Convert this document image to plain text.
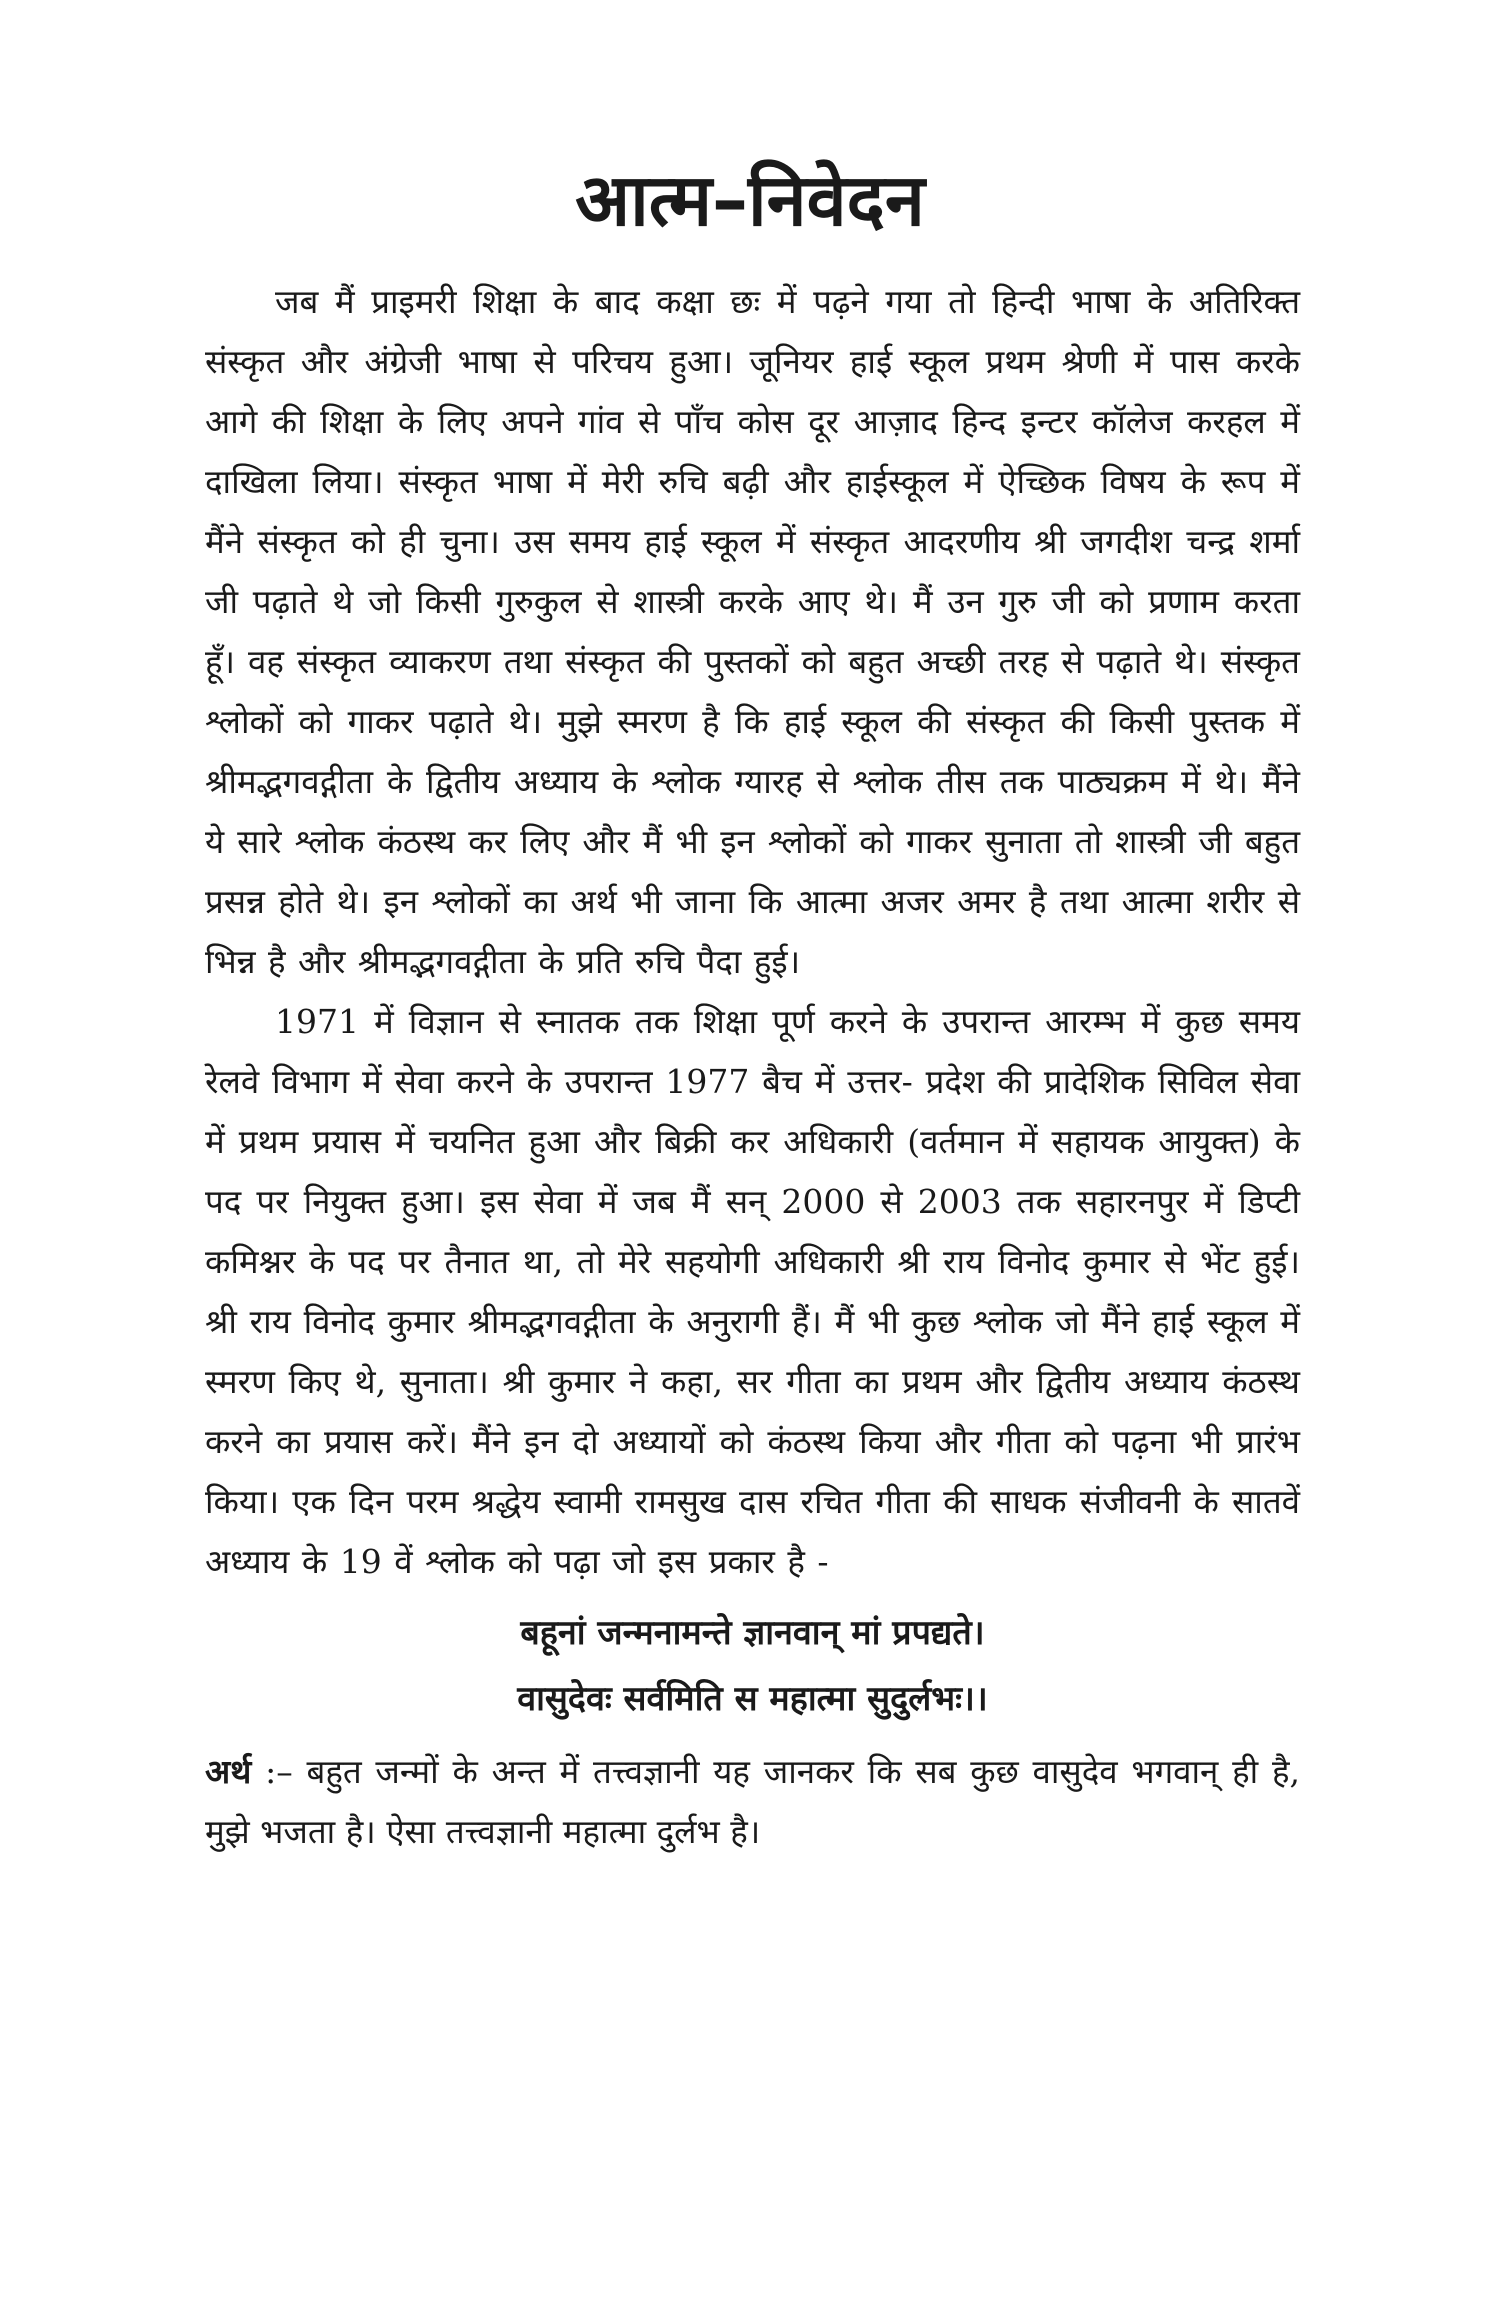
आत्म–निवेदन

जब मैं प्राइमरी शिक्षा के बाद कक्षा छः में पढ़ने गया तो हिन्दी भाषा के अतिरिक्त संस्कृत और अंग्रेजी भाषा से परिचय हुआ। जूनियर हाई स्कूल प्रथम श्रेणी में पास करके आगे की शिक्षा के लिए अपने गांव से पाँच कोस दूर आज़ाद हिन्द इन्टर कॉलेज करहल में दाखिला लिया। संस्कृत भाषा में मेरी रुचि बढ़ी और हाईस्कूल में ऐच्छिक विषय के रूप में मैंने संस्कृत को ही चुना। उस समय हाई स्कूल में संस्कृत आदरणीय श्री जगदीश चन्द्र शर्मा जी पढ़ाते थे जो किसी गुरुकुल से शास्त्री करके आए थे। मैं उन गुरु जी को प्रणाम करता हूँ। वह संस्कृत व्याकरण तथा संस्कृत की पुस्तकों को बहुत अच्छी तरह से पढ़ाते थे। संस्कृत श्लोकों को गाकर पढ़ाते थे। मुझे स्मरण है कि हाई स्कूल की संस्कृत की किसी पुस्तक में श्रीमद्भगवद्गीता के द्वितीय अध्याय के श्लोक ग्यारह से श्लोक तीस तक पाठ्यक्रम में थे। मैंने ये सारे श्लोक कंठस्थ कर लिए और मैं भी इन श्लोकों को गाकर सुनाता तो शास्त्री जी बहुत प्रसन्न होते थे। इन श्लोकों का अर्थ भी जाना कि आत्मा अजर अमर है तथा आत्मा शरीर से भिन्न है और श्रीमद्भगवद्गीता के प्रति रुचि पैदा हुई।

1971 में विज्ञान से स्नातक तक शिक्षा पूर्ण करने के उपरान्त आरम्भ में कुछ समय रेलवे विभाग में सेवा करने के उपरान्त 1977 बैच में उत्तर- प्रदेश की प्रादेशिक सिविल सेवा में प्रथम प्रयास में चयनित हुआ और बिक्री कर अधिकारी (वर्तमान में सहायक आयुक्त) के पद पर नियुक्त हुआ। इस सेवा में जब मैं सन् 2000 से 2003 तक सहारनपुर में डिप्टी कमिश्नर के पद पर तैनात था, तो मेरे सहयोगी अधिकारी श्री राय विनोद कुमार से भेंट हुई। श्री राय विनोद कुमार श्रीमद्भगवद्गीता के अनुरागी हैं। मैं भी कुछ श्लोक जो मैंने हाई स्कूल में स्मरण किए थे, सुनाता। श्री कुमार ने कहा, सर गीता का प्रथम और द्वितीय अध्याय कंठस्थ करने का प्रयास करें। मैंने इन दो अध्यायों को कंठस्थ किया और गीता को पढ़ना भी प्रारंभ किया। एक दिन परम श्रद्धेय स्वामी रामसुख दास रचित गीता की साधक संजीवनी के सातवें अध्याय के 19 वें श्लोक को पढ़ा जो इस प्रकार है -

बहूनां जन्मनामन्ते ज्ञानवान् मां प्रपद्यते।

वासुदेवः सर्वमिति स महात्मा सुदुर्लभः।।

अर्थ :– बहुत जन्मों के अन्त में तत्त्वज्ञानी यह जानकर कि सब कुछ वासुदेव भगवान् ही है, मुझे भजता है। ऐसा तत्त्वज्ञानी महात्मा दुर्लभ है।
